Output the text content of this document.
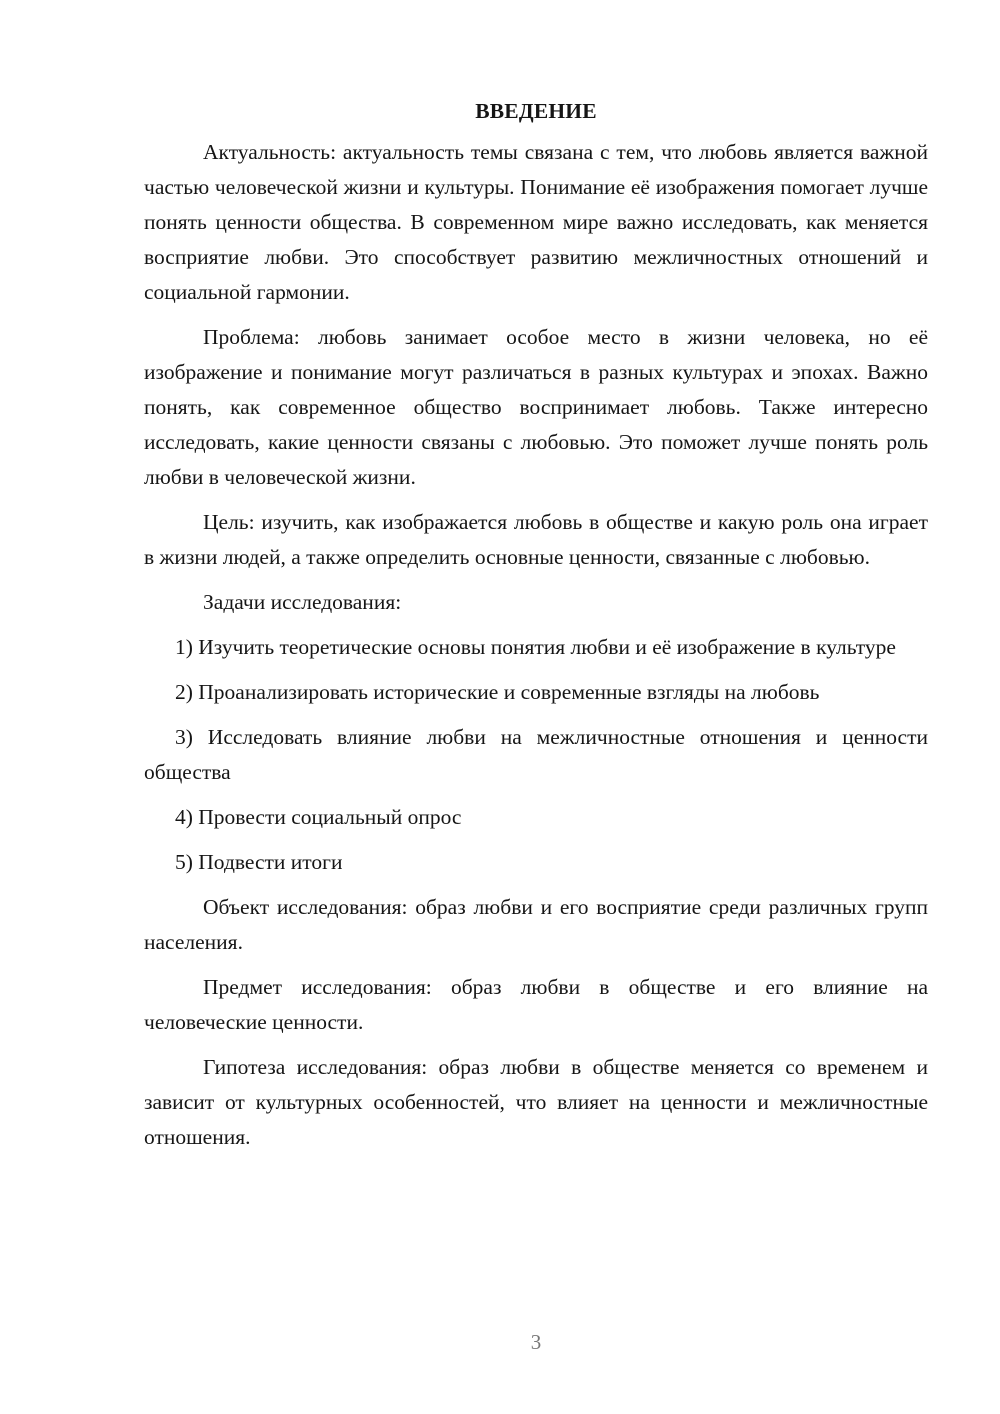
ВВЕДЕНИЕ

Актуальность: актуальность темы связана с тем, что любовь является важной частью человеческой жизни и культуры. Понимание её изображения помогает лучше понять ценности общества. В современном мире важно исследовать, как меняется восприятие любви. Это способствует развитию межличностных отношений и социальной гармонии.

Проблема: любовь занимает особое место в жизни человека, но её изображение и понимание могут различаться в разных культурах и эпохах. Важно понять, как современное общество воспринимает любовь. Также интересно исследовать, какие ценности связаны с любовью. Это поможет лучше понять роль любви в человеческой жизни.

Цель: изучить, как изображается любовь в обществе и какую роль она играет в жизни людей, а также определить основные ценности, связанные с любовью.

Задачи исследования:

1) Изучить теоретические основы понятия любви и её изображение в культуре

2) Проанализировать исторические и современные взгляды на любовь

3) Исследовать влияние любви на межличностные отношения и ценности общества

4) Провести социальный опрос

5) Подвести итоги

Объект исследования: образ любви и его восприятие среди различных групп населения.

Предмет исследования: образ любви в обществе и его влияние на человеческие ценности.

Гипотеза исследования: образ любви в обществе меняется со временем и зависит от культурных особенностей, что влияет на ценности и межличностные отношения.

3
